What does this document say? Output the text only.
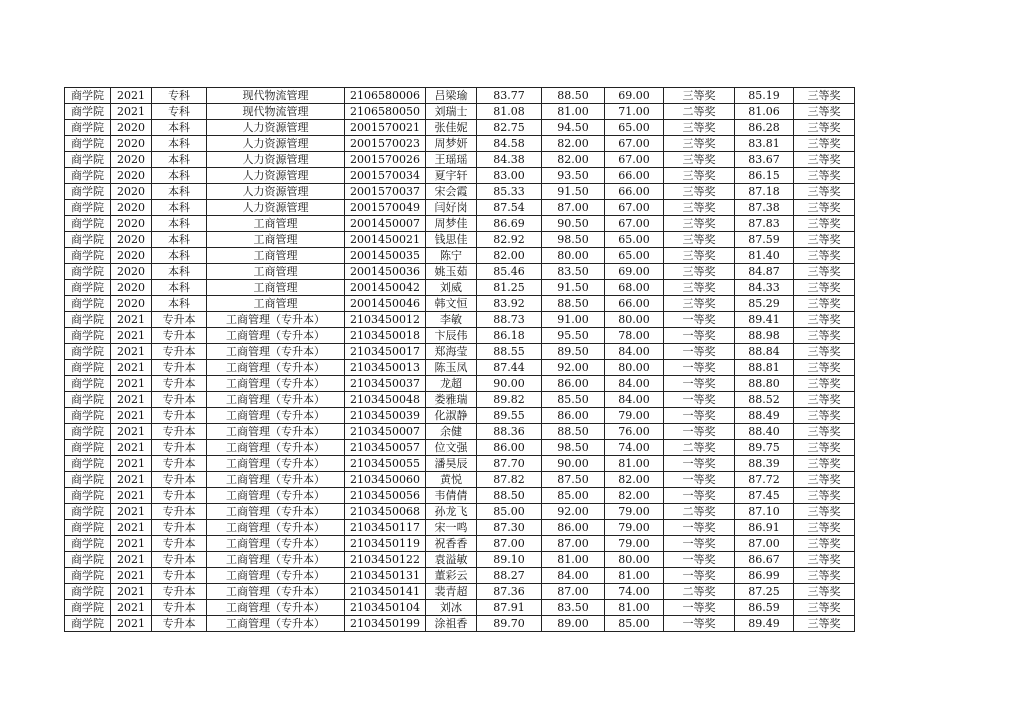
商学院	2021	专科	现代物流管理	2106580006	吕梁瑜	83.77	88.50	69.00	三等奖	85.19	三等奖
商学院	2021	专科	现代物流管理	2106580050	刘瑞士	81.08	81.00	71.00	二等奖	81.06	三等奖
商学院	2020	本科	人力资源管理	2001570021	张佳妮	82.75	94.50	65.00	三等奖	86.28	三等奖
商学院	2020	本科	人力资源管理	2001570023	周梦妍	84.58	82.00	67.00	三等奖	83.81	三等奖
商学院	2020	本科	人力资源管理	2001570026	王瑶瑶	84.38	82.00	67.00	三等奖	83.67	三等奖
商学院	2020	本科	人力资源管理	2001570034	夏宇轩	83.00	93.50	66.00	三等奖	86.15	三等奖
商学院	2020	本科	人力资源管理	2001570037	宋会霞	85.33	91.50	66.00	三等奖	87.18	三等奖
商学院	2020	本科	人力资源管理	2001570049	闫好岗	87.54	87.00	67.00	三等奖	87.38	三等奖
商学院	2020	本科	工商管理	2001450007	周梦佳	86.69	90.50	67.00	三等奖	87.83	三等奖
商学院	2020	本科	工商管理	2001450021	钱思佳	82.92	98.50	65.00	三等奖	87.59	三等奖
商学院	2020	本科	工商管理	2001450035	陈宁	82.00	80.00	65.00	三等奖	81.40	三等奖
商学院	2020	本科	工商管理	2001450036	姚玉茹	85.46	83.50	69.00	三等奖	84.87	三等奖
商学院	2020	本科	工商管理	2001450042	刘威	81.25	91.50	68.00	三等奖	84.33	三等奖
商学院	2020	本科	工商管理	2001450046	韩文恒	83.92	88.50	66.00	三等奖	85.29	三等奖
商学院	2021	专升本	工商管理（专升本）	2103450012	李敏	88.73	91.00	80.00	一等奖	89.41	三等奖
商学院	2021	专升本	工商管理（专升本）	2103450018	卞辰伟	86.18	95.50	78.00	一等奖	88.98	三等奖
商学院	2021	专升本	工商管理（专升本）	2103450017	郑海莹	88.55	89.50	84.00	一等奖	88.84	三等奖
商学院	2021	专升本	工商管理（专升本）	2103450013	陈玉凤	87.44	92.00	80.00	一等奖	88.81	三等奖
商学院	2021	专升本	工商管理（专升本）	2103450037	龙超	90.00	86.00	84.00	一等奖	88.80	三等奖
商学院	2021	专升本	工商管理（专升本）	2103450048	娄雅瑞	89.82	85.50	84.00	一等奖	88.52	三等奖
商学院	2021	专升本	工商管理（专升本）	2103450039	化淑静	89.55	86.00	79.00	一等奖	88.49	三等奖
商学院	2021	专升本	工商管理（专升本）	2103450007	余健	88.36	88.50	76.00	一等奖	88.40	三等奖
商学院	2021	专升本	工商管理（专升本）	2103450057	位文强	86.00	98.50	74.00	二等奖	89.75	三等奖
商学院	2021	专升本	工商管理（专升本）	2103450055	潘昊辰	87.70	90.00	81.00	一等奖	88.39	三等奖
商学院	2021	专升本	工商管理（专升本）	2103450060	黄悦	87.82	87.50	82.00	一等奖	87.72	三等奖
商学院	2021	专升本	工商管理（专升本）	2103450056	韦倩倩	88.50	85.00	82.00	一等奖	87.45	三等奖
商学院	2021	专升本	工商管理（专升本）	2103450068	孙龙飞	85.00	92.00	79.00	二等奖	87.10	三等奖
商学院	2021	专升本	工商管理（专升本）	2103450117	宋一鸣	87.30	86.00	79.00	一等奖	86.91	三等奖
商学院	2021	专升本	工商管理（专升本）	2103450119	祝香香	87.00	87.00	79.00	一等奖	87.00	三等奖
商学院	2021	专升本	工商管理（专升本）	2103450122	袁溢敏	89.10	81.00	80.00	一等奖	86.67	三等奖
商学院	2021	专升本	工商管理（专升本）	2103450131	董彩云	88.27	84.00	81.00	一等奖	86.99	三等奖
商学院	2021	专升本	工商管理（专升本）	2103450141	裴青超	87.36	87.00	74.00	二等奖	87.25	三等奖
商学院	2021	专升本	工商管理（专升本）	2103450104	刘冰	87.91	83.50	81.00	一等奖	86.59	三等奖
商学院	2021	专升本	工商管理（专升本）	2103450199	涂祖香	89.70	89.00	85.00	一等奖	89.49	三等奖
